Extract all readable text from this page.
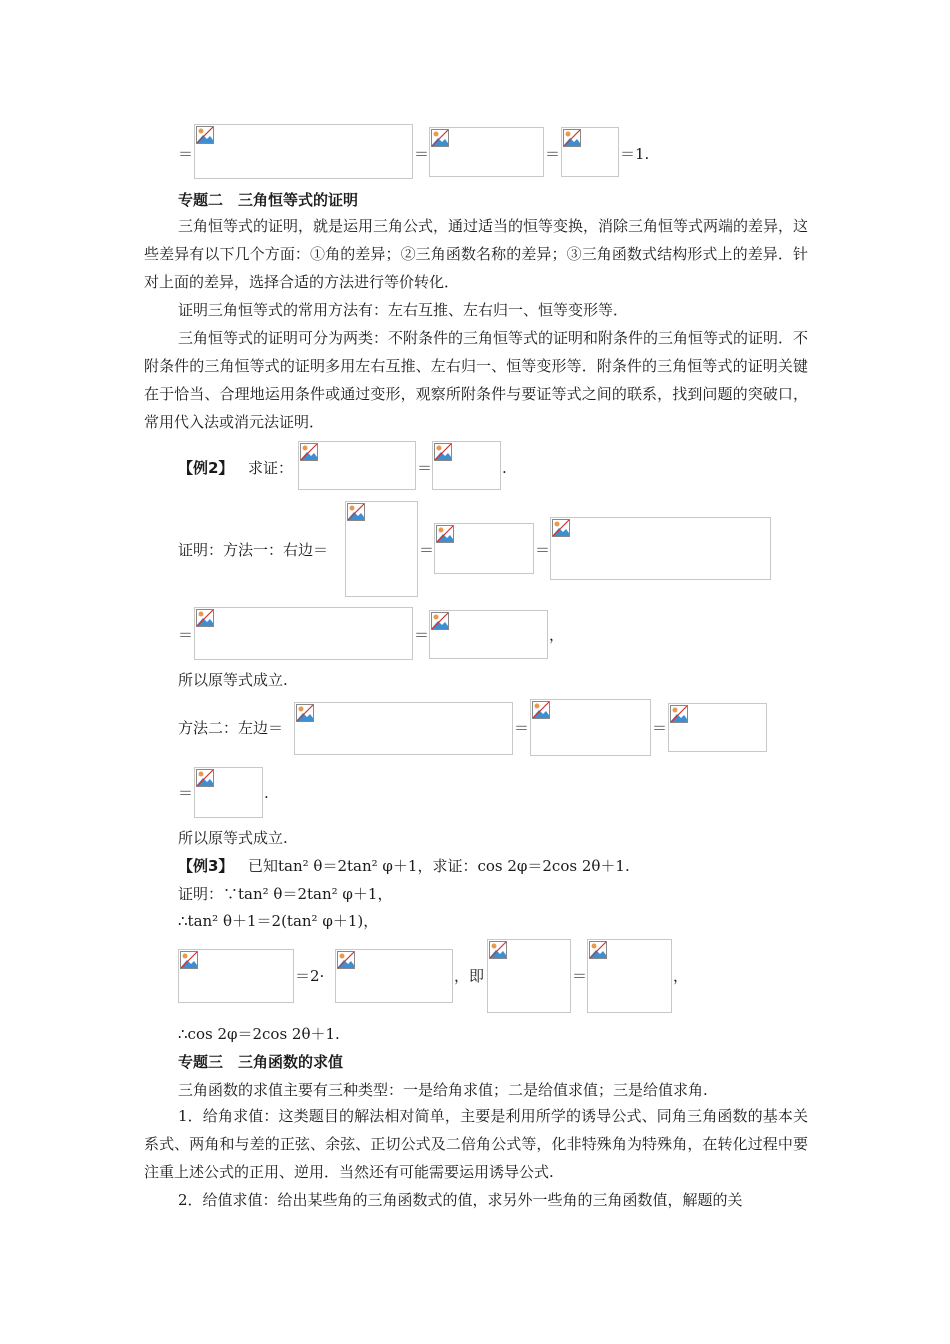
＝	＝	＝	＝1.
专题二　三角恒等式的证明
三角恒等式的证明，就是运用三角公式，通过适当的恒等变换，消除三角恒等式两端的差异，这些差异有以下几个方面：①角的差异；②三角函数名称的差异；③三角函数式结构形式上的差异．针对上面的差异，选择合适的方法进行等价转化．
证明三角恒等式的常用方法有：左右互推、左右归一、恒等变形等．
三角恒等式的证明可分为两类：不附条件的三角恒等式的证明和附条件的三角恒等式的证明．不附条件的三角恒等式的证明多用左右互推、左右归一、恒等变形等．附条件的三角恒等式的证明关键在于恰当、合理地运用条件或通过变形，观察所附条件与要证等式之间的联系，找到问题的突破口，常用代入法或消元法证明．
【例2】 求证：	＝	.
证明：方法一：右边＝	＝	＝
＝	＝	，
所以原等式成立.
方法二：左边＝	＝	＝
＝	.
所以原等式成立.
【例3】 已知tan² θ＝2tan² φ＋1，求证：cos 2φ＝2cos 2θ＋1.
证明：∵tan² θ＝2tan² φ＋1，
∴tan² θ＋1＝2(tan² φ＋1)，
＝2·	，即	＝	，
∴cos 2φ＝2cos 2θ＋1.
专题三　三角函数的求值
三角函数的求值主要有三种类型：一是给角求值；二是给值求值；三是给值求角.
1．给角求值：这类题目的解法相对简单，主要是利用所学的诱导公式、同角三角函数的基本关系式、两角和与差的正弦、余弦、正切公式及二倍角公式等，化非特殊角为特殊角，在转化过程中要注重上述公式的正用、逆用．当然还有可能需要运用诱导公式.
2．给值求值：给出某些角的三角函数式的值，求另外一些角的三角函数值，解题的关
